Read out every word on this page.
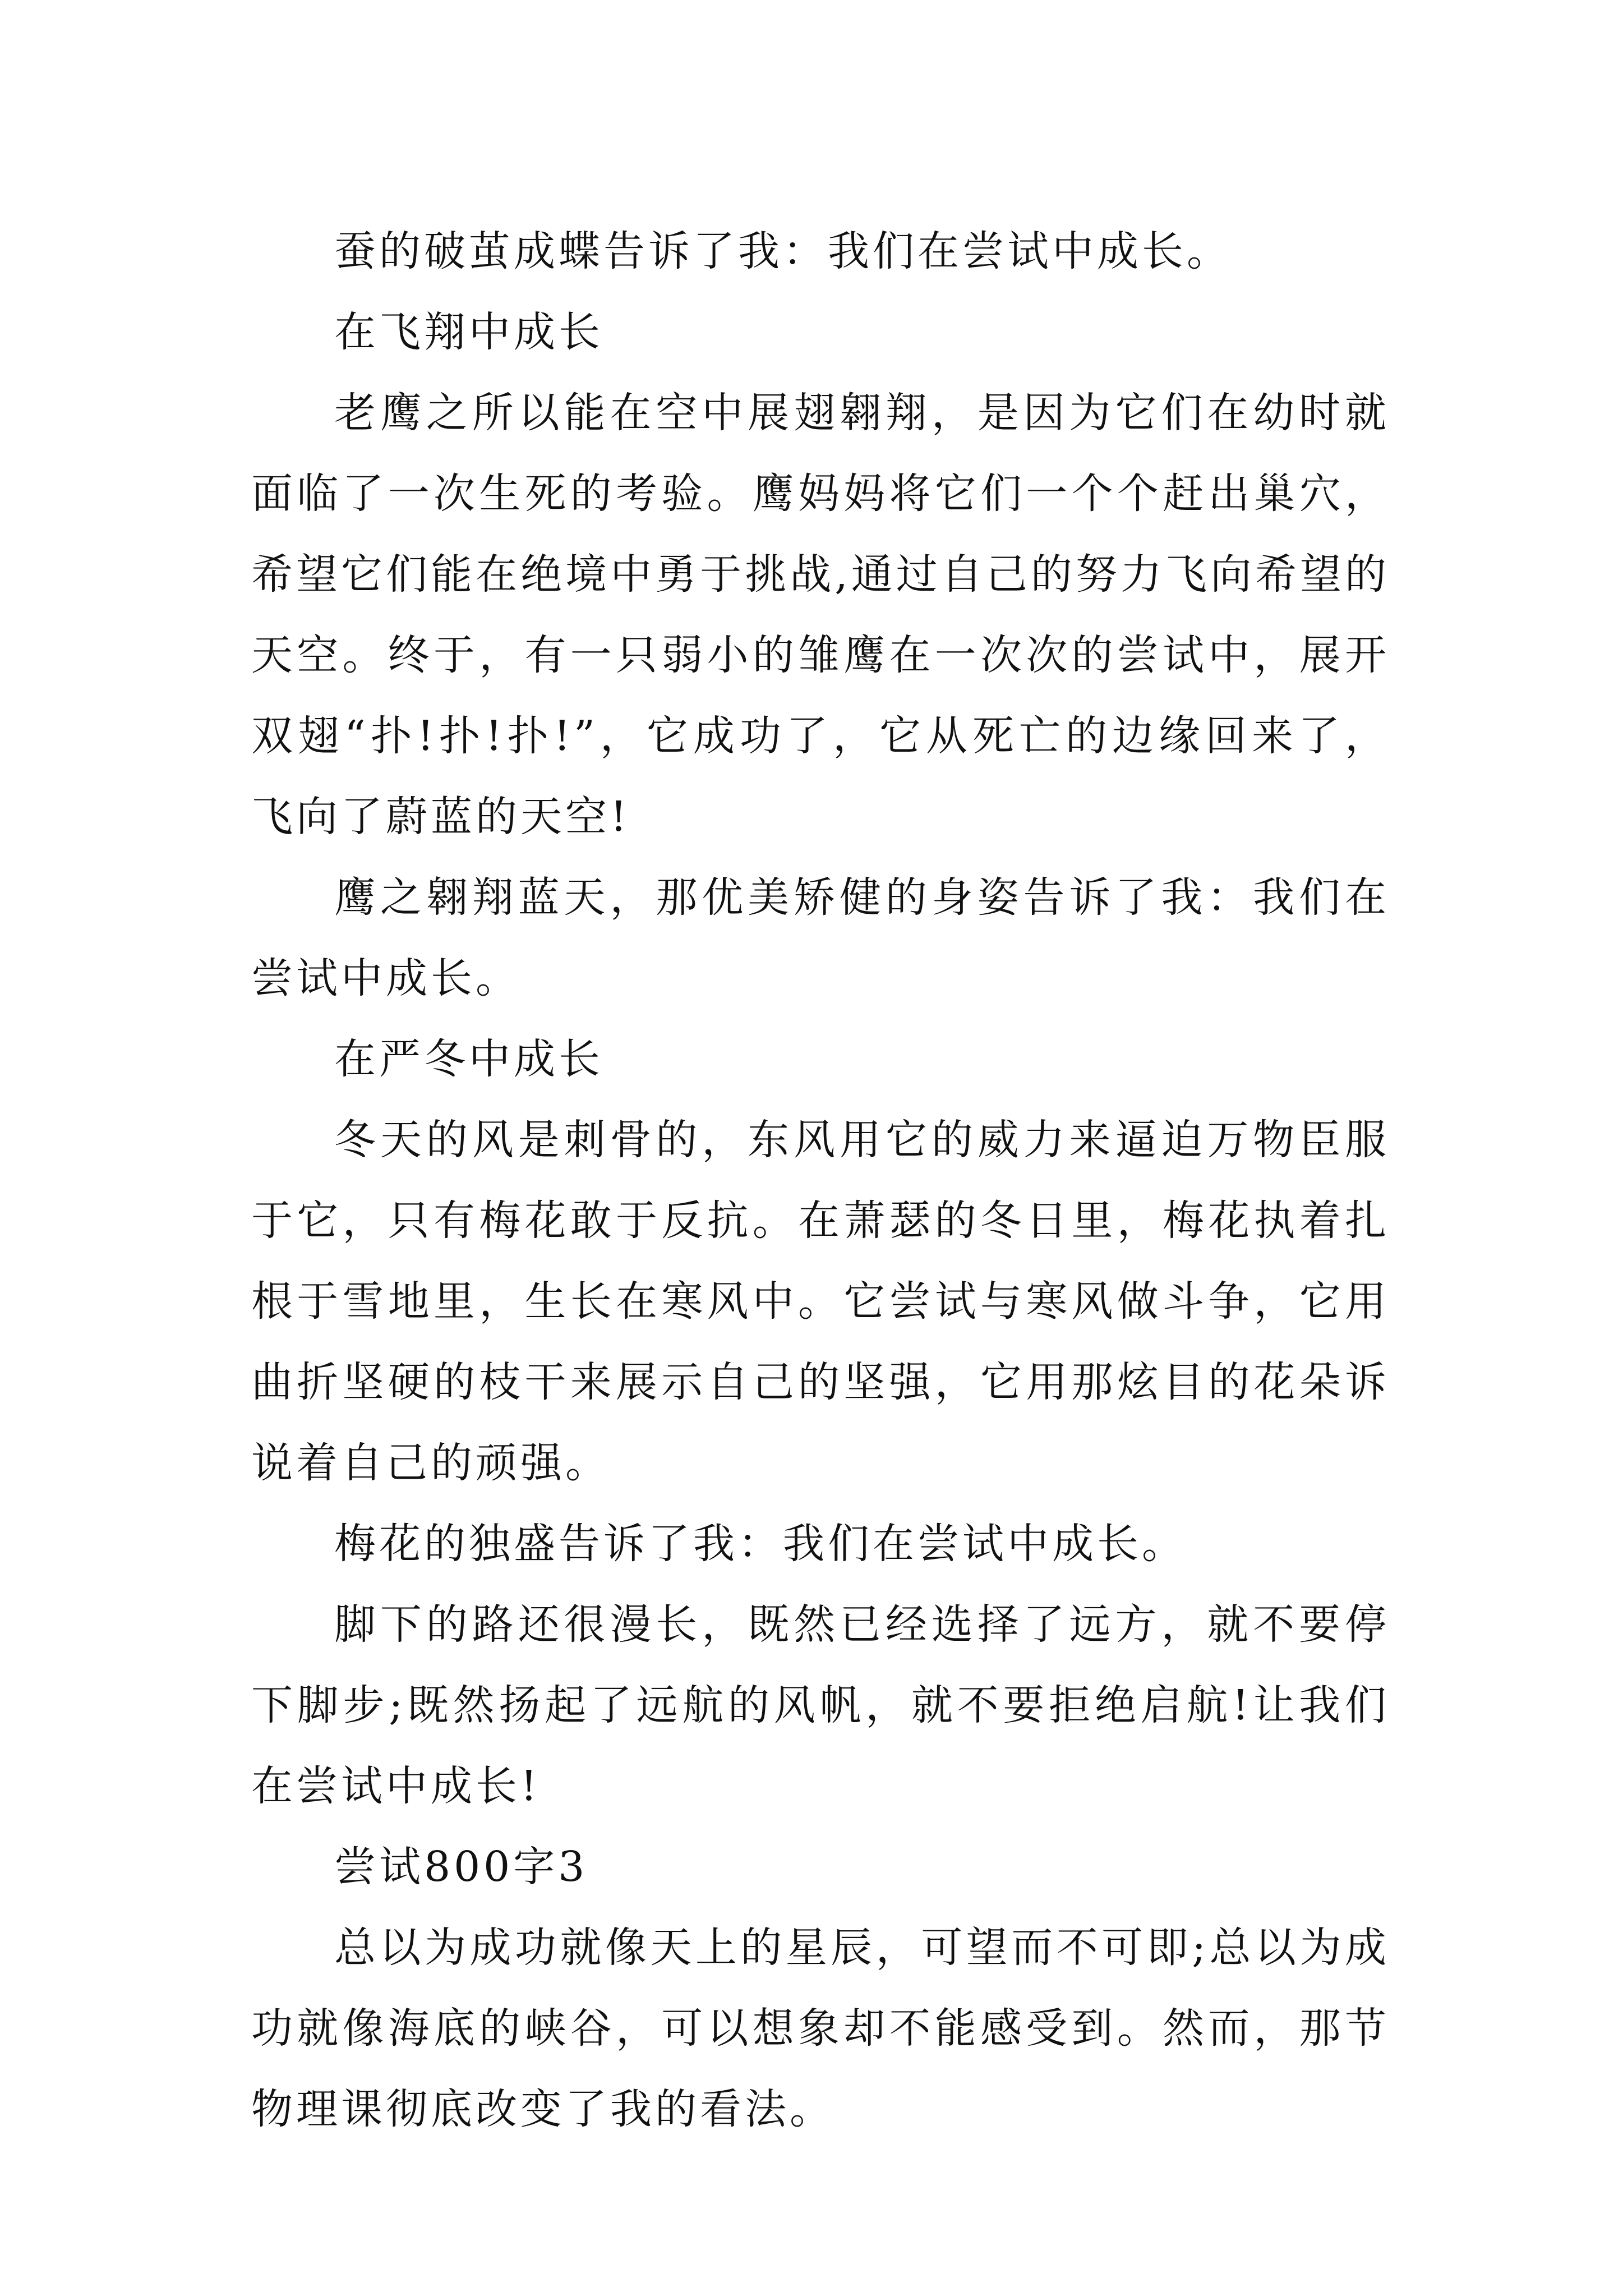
蚕的破茧成蝶告诉了我：我们在尝试中成长。

在飞翔中成长

老鹰之所以能在空中展翅翱翔，是因为它们在幼时就面临了一次生死的考验。鹰妈妈将它们一个个赶出巢穴，希望它们能在绝境中勇于挑战,通过自己的努力飞向希望的天空。终于，有一只弱小的雏鹰在一次次的尝试中，展开双翅“扑!扑!扑!”，它成功了，它从死亡的边缘回来了，飞向了蔚蓝的天空!

鹰之翱翔蓝天，那优美矫健的身姿告诉了我：我们在尝试中成长。

在严冬中成长

冬天的风是刺骨的，东风用它的威力来逼迫万物臣服于它，只有梅花敢于反抗。在萧瑟的冬日里，梅花执着扎根于雪地里，生长在寒风中。它尝试与寒风做斗争，它用曲折坚硬的枝干来展示自己的坚强，它用那炫目的花朵诉说着自己的顽强。

梅花的独盛告诉了我：我们在尝试中成长。

脚下的路还很漫长，既然已经选择了远方，就不要停下脚步;既然扬起了远航的风帆，就不要拒绝启航!让我们在尝试中成长!

尝试800字3

总以为成功就像天上的星辰，可望而不可即;总以为成功就像海底的峡谷，可以想象却不能感受到。然而，那节物理课彻底改变了我的看法。
